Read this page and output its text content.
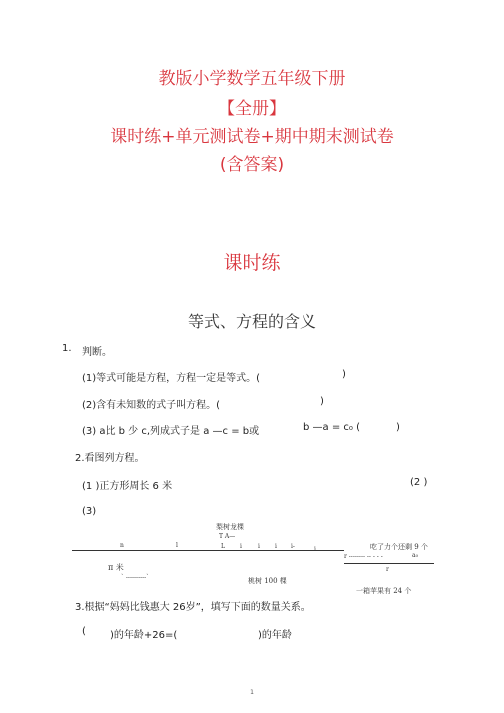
教版小学数学五年级下册
【全册】
课时练+单元测试卷+期中期末测试卷
(含答案)
课时练
等式、方程的含义
1. 判断。
(1)等式可能是方程，方程一定是等式。(	)
(2)含有未知数的式子叫方程。(	)
(3) a比 b 少 c,列成式子是 a —c = b或	b —a = c₀ (	)
2.看图列方程。
(1 )正方形周长 6 米	(2 )
(3)
梨树龙棵
T A—
n	l	L	i	i	i i-	i
π 米
` ----------`	桃树 100 棵
吃了力个还剩 9 个
r -------- -- - - -	a₀
r
一箱苹果有 24 个
3.根据“妈妈比钱惠大 26岁”，填写下面的数量关系。
( )的年龄+26=(	)的年龄
1
